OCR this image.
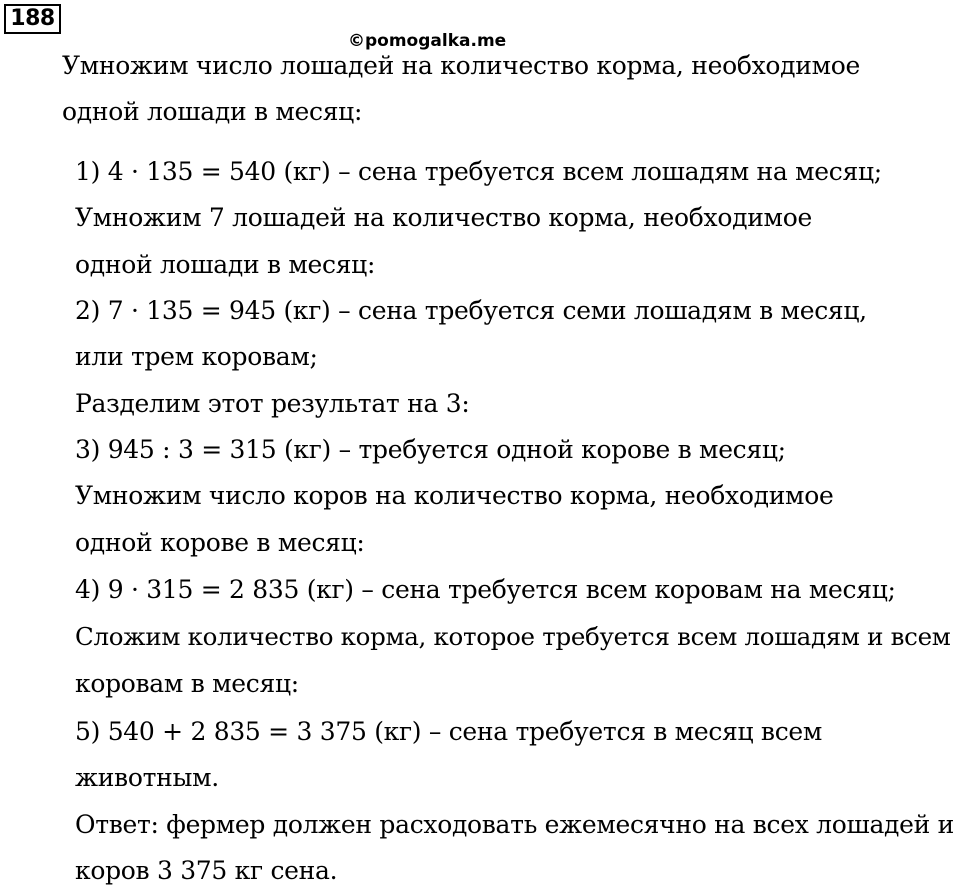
188
©pomogalka.me
Умножим число лошадей на количество корма, необходимое
одной лошади в месяц:
1) 4 · 135 = 540 (кг) – сена требуется всем лошадям на месяц;
Умножим 7 лошадей на количество корма, необходимое
одной лошади в месяц:
2) 7 · 135 = 945 (кг) – сена требуется семи лошадям в месяц,
или трем коровам;
Разделим этот результат на 3:
3) 945 : 3 = 315 (кг) – требуется одной корове в месяц;
Умножим число коров на количество корма, необходимое
одной корове в месяц:
4) 9 · 315 = 2 835 (кг) – сена требуется всем коровам на месяц;
Сложим количество корма, которое требуется всем лошадям и всем
коровам в месяц:
5) 540 + 2 835 = 3 375 (кг) – сена требуется в месяц всем
животным.
Ответ: фермер должен расходовать ежемесячно на всех лошадей и
коров 3 375 кг сена.
